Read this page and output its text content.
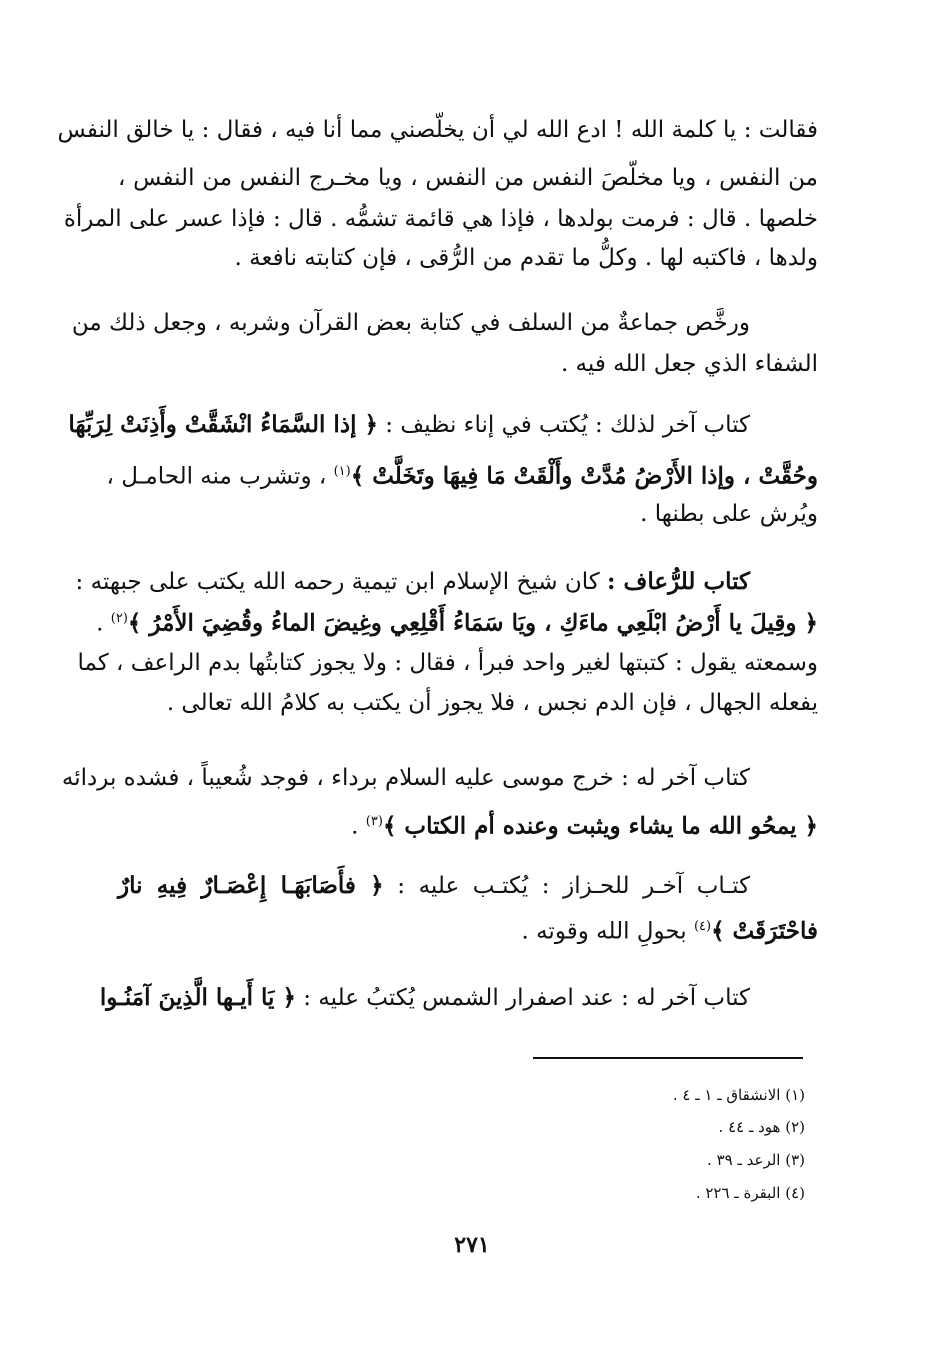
فقالت : يا كلمة الله ! ادع الله لي أن يخلّصني مما أنا فيه ، فقال : يا خالق النفس
من النفس ، ويا مخلّصَ النفس من النفس ، ويا مخـرج النفس من النفس ،
خلصها . قال : فرمت بولدها ، فإذا هي قائمة تشمُّه . قال : فإذا عسر على المرأة
ولدها ، فاكتبه لها . وكلُّ ما تقدم من الرُّقى ، فإن كتابته نافعة .
ورخَّص جماعةٌ من السلف في كتابة بعض القرآن وشربه ، وجعل ذلك من
الشفاء الذي جعل الله فيه .
كتاب آخر لذلك : يُكتب في إناء نظيف : ﴿ إذا السَّمَاءُ انْشَقَّتْ وأَذِنَتْ لِرَبِّهَا
وحُقَّتْ ، وإذا الأَرْضُ مُدَّتْ وأَلْقَتْ مَا فِيهَا وتَخَلَّتْ ﴾$^{(١)}$ ، وتشرب منه الحامـل ،
ويُرش على بطنها .
كتاب للرُّعاف : كان شيخ الإسلام ابن تيمية رحمه الله يكتب على جبهته :
﴿ وقِيلَ يا أَرْضُ ابْلَعِي ماءَكِ ، ويَا سَمَاءُ أَقْلِعِي وغِيضَ الماءُ وقُضِيَ الأَمْرُ ﴾$^{(٢)}$ .
وسمعته يقول : كتبتها لغير واحد فبرأ ، فقال : ولا يجوز كتابتُها بدم الراعف ، كما
يفعله الجهال ، فإن الدم نجس ، فلا يجوز أن يكتب به كلامُ الله تعالى .
كتاب آخر له : خرج موسى عليه السلام برداء ، فوجد شُعيباً ، فشده بردائه
﴿ يمحُو الله ما يشاء ويثبت وعنده أم الكتاب ﴾$^{(٣)}$ .
كتـاب آخـر للحـزاز : يُكتـب عليه : ﴿ فأَصَابَهَـا إِعْصَـارٌ فِيهِ نارٌ
فاحْتَرَقَتْ ﴾$^{(٤)}$ بحولِ الله وقوته .
كتاب آخر له : عند اصفرار الشمس يُكتبُ عليه : ﴿ يَا أَيـها الَّذِينَ آمَنُـوا
(١) الانشقاق ـ ١ ـ ٤ .
(٢) هود ـ ٤٤ .
(٣) الرعد ـ ٣٩ .
(٤) البقرة ـ ٢٢٦ .
٢٧١
